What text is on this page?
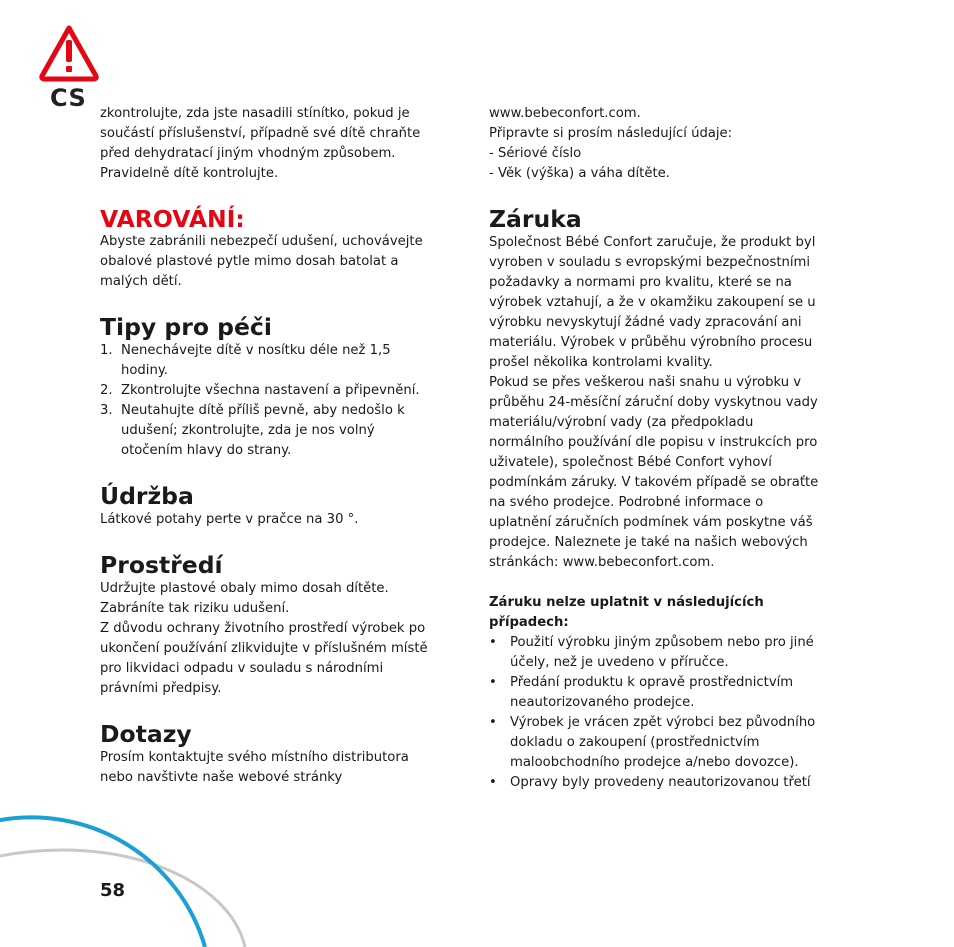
CS

zkontrolujte, zda jste nasadili stínítko, pokud je

součástí příslušenství, případně své dítě chraňte

před dehydratací jiným vhodným způsobem.

Pravidelně dítě kontrolujte.

VAROVÁNÍ:

Abyste zabránili nebezpečí udušení, uchovávejte

obalové plastové pytle mimo dosah batolat a

malých dětí.

Tipy pro péči
1. Nenechávejte dítě v nosítku déle než 1,5
hodiny.
2. Zkontrolujte všechna nastavení a připevnění.
3. Neutahujte dítě příliš pevně, aby nedošlo k
udušení; zkontrolujte, zda je nos volný
otočením hlavy do strany.
Údržba

Látkové potahy perte v pračce na 30 °.

Prostředí

Udržujte plastové obaly mimo dosah dítěte.

Zabráníte tak riziku udušení.

Z důvodu ochrany životního prostředí výrobek po

ukončení používání zlikvidujte v příslušném místě

pro likvidaci odpadu v souladu s národními

právními předpisy.

Dotazy

Prosím kontaktujte svého místního distributora

nebo navštivte naše webové stránky

www.bebeconfort.com.

Připravte si prosím následující údaje:

- Sériové číslo

- Věk (výška) a váha dítěte.

Záruka

Společnost Bébé Confort zaručuje, že produkt byl

vyroben v souladu s evropskými bezpečnostními

požadavky a normami pro kvalitu, které se na

výrobek vztahují, a že v okamžiku zakoupení se u

výrobku nevyskytují žádné vady zpracování ani

materiálu. Výrobek v průběhu výrobního procesu

prošel několika kontrolami kvality.

Pokud se přes veškerou naši snahu u výrobku v

průběhu 24-měsíční záruční doby vyskytnou vady

materiálu/výrobní vady (za předpokladu

normálního používání dle popisu v instrukcích pro

uživatele), společnost Bébé Confort vyhoví

podmínkám záruky. V takovém případě se obraťte

na svého prodejce. Podrobné informace o

uplatnění záručních podmínek vám poskytne váš

prodejce. Naleznete je také na našich webových

stránkách: www.bebeconfort.com.

Záruku nelze uplatnit v následujících

případech:

• Použití výrobku jiným způsobem nebo pro jiné
účely, než je uvedeno v příručce.
• Předání produktu k opravě prostřednictvím
neautorizovaného prodejce.
• Výrobek je vrácen zpět výrobci bez původního
dokladu o zakoupení (prostřednictvím
maloobchodního prodejce a/nebo dovozce).
• Opravy byly provedeny neautorizovanou třetí
58
